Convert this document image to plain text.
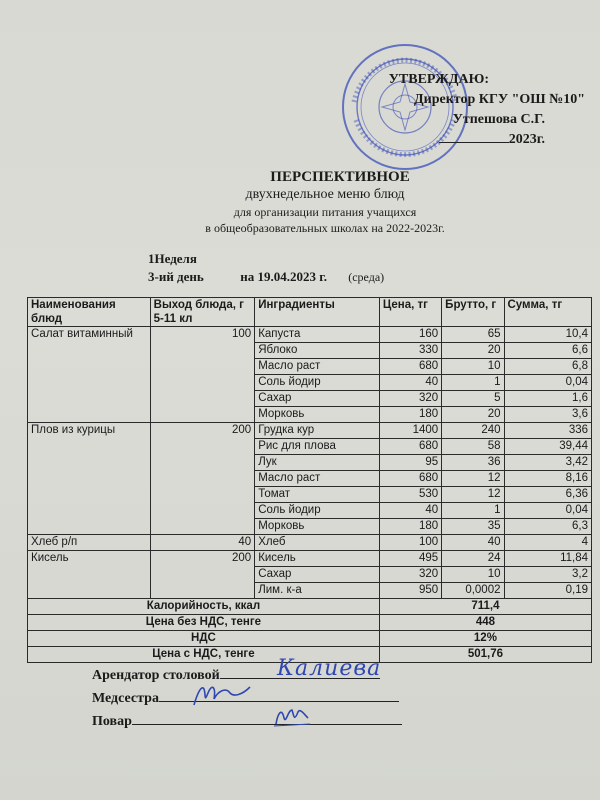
УТВЕРЖДАЮ:
Директор КГУ "ОШ №10"
Утпешова С.Г.
2023г.
ПЕРСПЕКТИВНОЕ
двухнедельное меню блюд
для организации питания учащихся
в общеобразовательных школах на 2022-2023г.
1Неделя
3-ий день	на 19.04.2023 г. (среда)
Наименования блюд	Выход блюда, г 5-11 кл	Инградиенты	Цена, тг	Брутто, г	Сумма, тг
Салат витаминный	100	Капуста	160	65	10,4
		Яблоко	330	20	6,6
		Масло раст	680	10	6,8
		Соль йодир	40	1	0,04
		Сахар	320	5	1,6
		Морковь	180	20	3,6
Плов из курицы	200	Грудка кур	1400	240	336
		Рис для плова	680	58	39,44
		Лук	95	36	3,42
		Масло раст	680	12	8,16
		Томат	530	12	6,36
		Соль йодир	40	1	0,04
		Морковь	180	35	6,3
Хлеб р/п	40	Хлеб	100	40	4
Кисель	200	Кисель	495	24	11,84
		Сахар	320	10	3,2
		Лим. к-а	950	0,0002	0,19
Калорийность, ккал			711,4		
Цена без НДС, тенге			448		
НДС			12%		
Цена с НДС, тенге			501,76		
Арендатор столовой	Калиева
Медсестра
Повар
